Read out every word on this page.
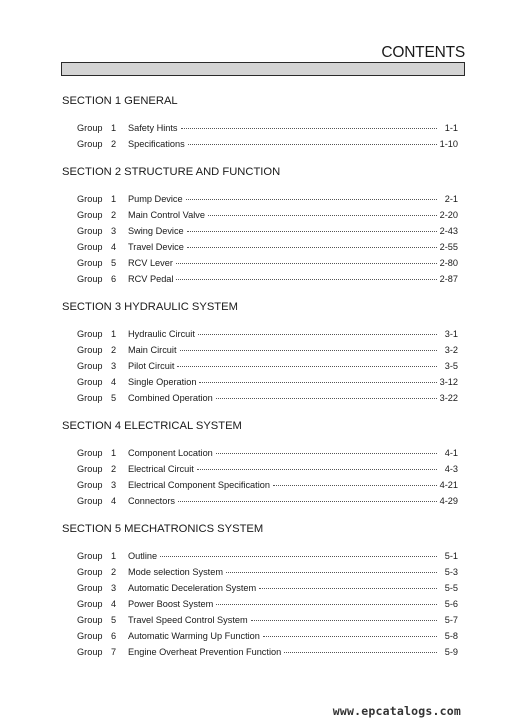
CONTENTS
SECTION 1 GENERAL
Group 1	Safety Hints	1-1
Group 2	Specifications	1-10
SECTION 2 STRUCTURE AND FUNCTION
Group 1	Pump Device	2-1
Group 2	Main Control Valve	2-20
Group 3	Swing Device	2-43
Group 4	Travel Device	2-55
Group 5	RCV Lever	2-80
Group 6	RCV Pedal	2-87
SECTION 3 HYDRAULIC SYSTEM
Group 1	Hydraulic Circuit	3-1
Group 2	Main Circuit	3-2
Group 3	Pilot Circuit	3-5
Group 4	Single Operation	3-12
Group 5	Combined Operation	3-22
SECTION 4 ELECTRICAL SYSTEM
Group 1	Component Location	4-1
Group 2	Electrical Circuit	4-3
Group 3	Electrical Component Specification	4-21
Group 4	Connectors	4-29
SECTION 5 MECHATRONICS SYSTEM
Group 1	Outline	5-1
Group 2	Mode selection System	5-3
Group 3	Automatic Deceleration System	5-5
Group 4	Power Boost System	5-6
Group 5	Travel Speed Control System	5-7
Group 6	Automatic Warming Up Function	5-8
Group 7	Engine Overheat Prevention Function	5-9
www.epcatalogs.com
